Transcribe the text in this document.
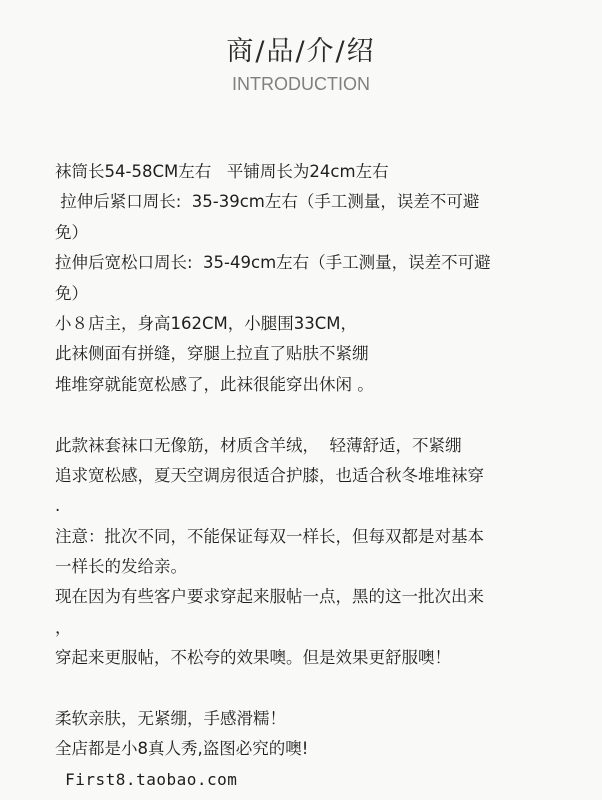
商/品/介/绍
INTRODUCTION
袜筒长54-58CM左右   平铺周长为24cm左右
拉伸后紧口周长:  35-39cm左右（手工测量，误差不可避
免）
拉伸后宽松口周长:  35-49cm左右（手工测量，误差不可避
免）
小８店主，身高162CM，小腿围33CM，
此袜侧面有拼缝，穿腿上拉直了贴肤不紧绷
堆堆穿就能宽松感了，此袜很能穿出休闲 。
此款袜套袜口无像筋，材质含羊绒，  轻薄舒适，不紧绷
追求宽松感，夏天空调房很适合护膝，也适合秋冬堆堆袜穿
.
注意：批次不同，不能保证每双一样长，但每双都是对基本
一样长的发给亲。
现在因为有些客户要求穿起来服帖一点，黑的这一批次出来
，
穿起来更服帖，不松夸的效果噢。但是效果更舒服噢！
柔软亲肤，无紧绷，手感滑糯！
全店都是小8真人秀,盗图必究的噢!
First8.taobao.com
